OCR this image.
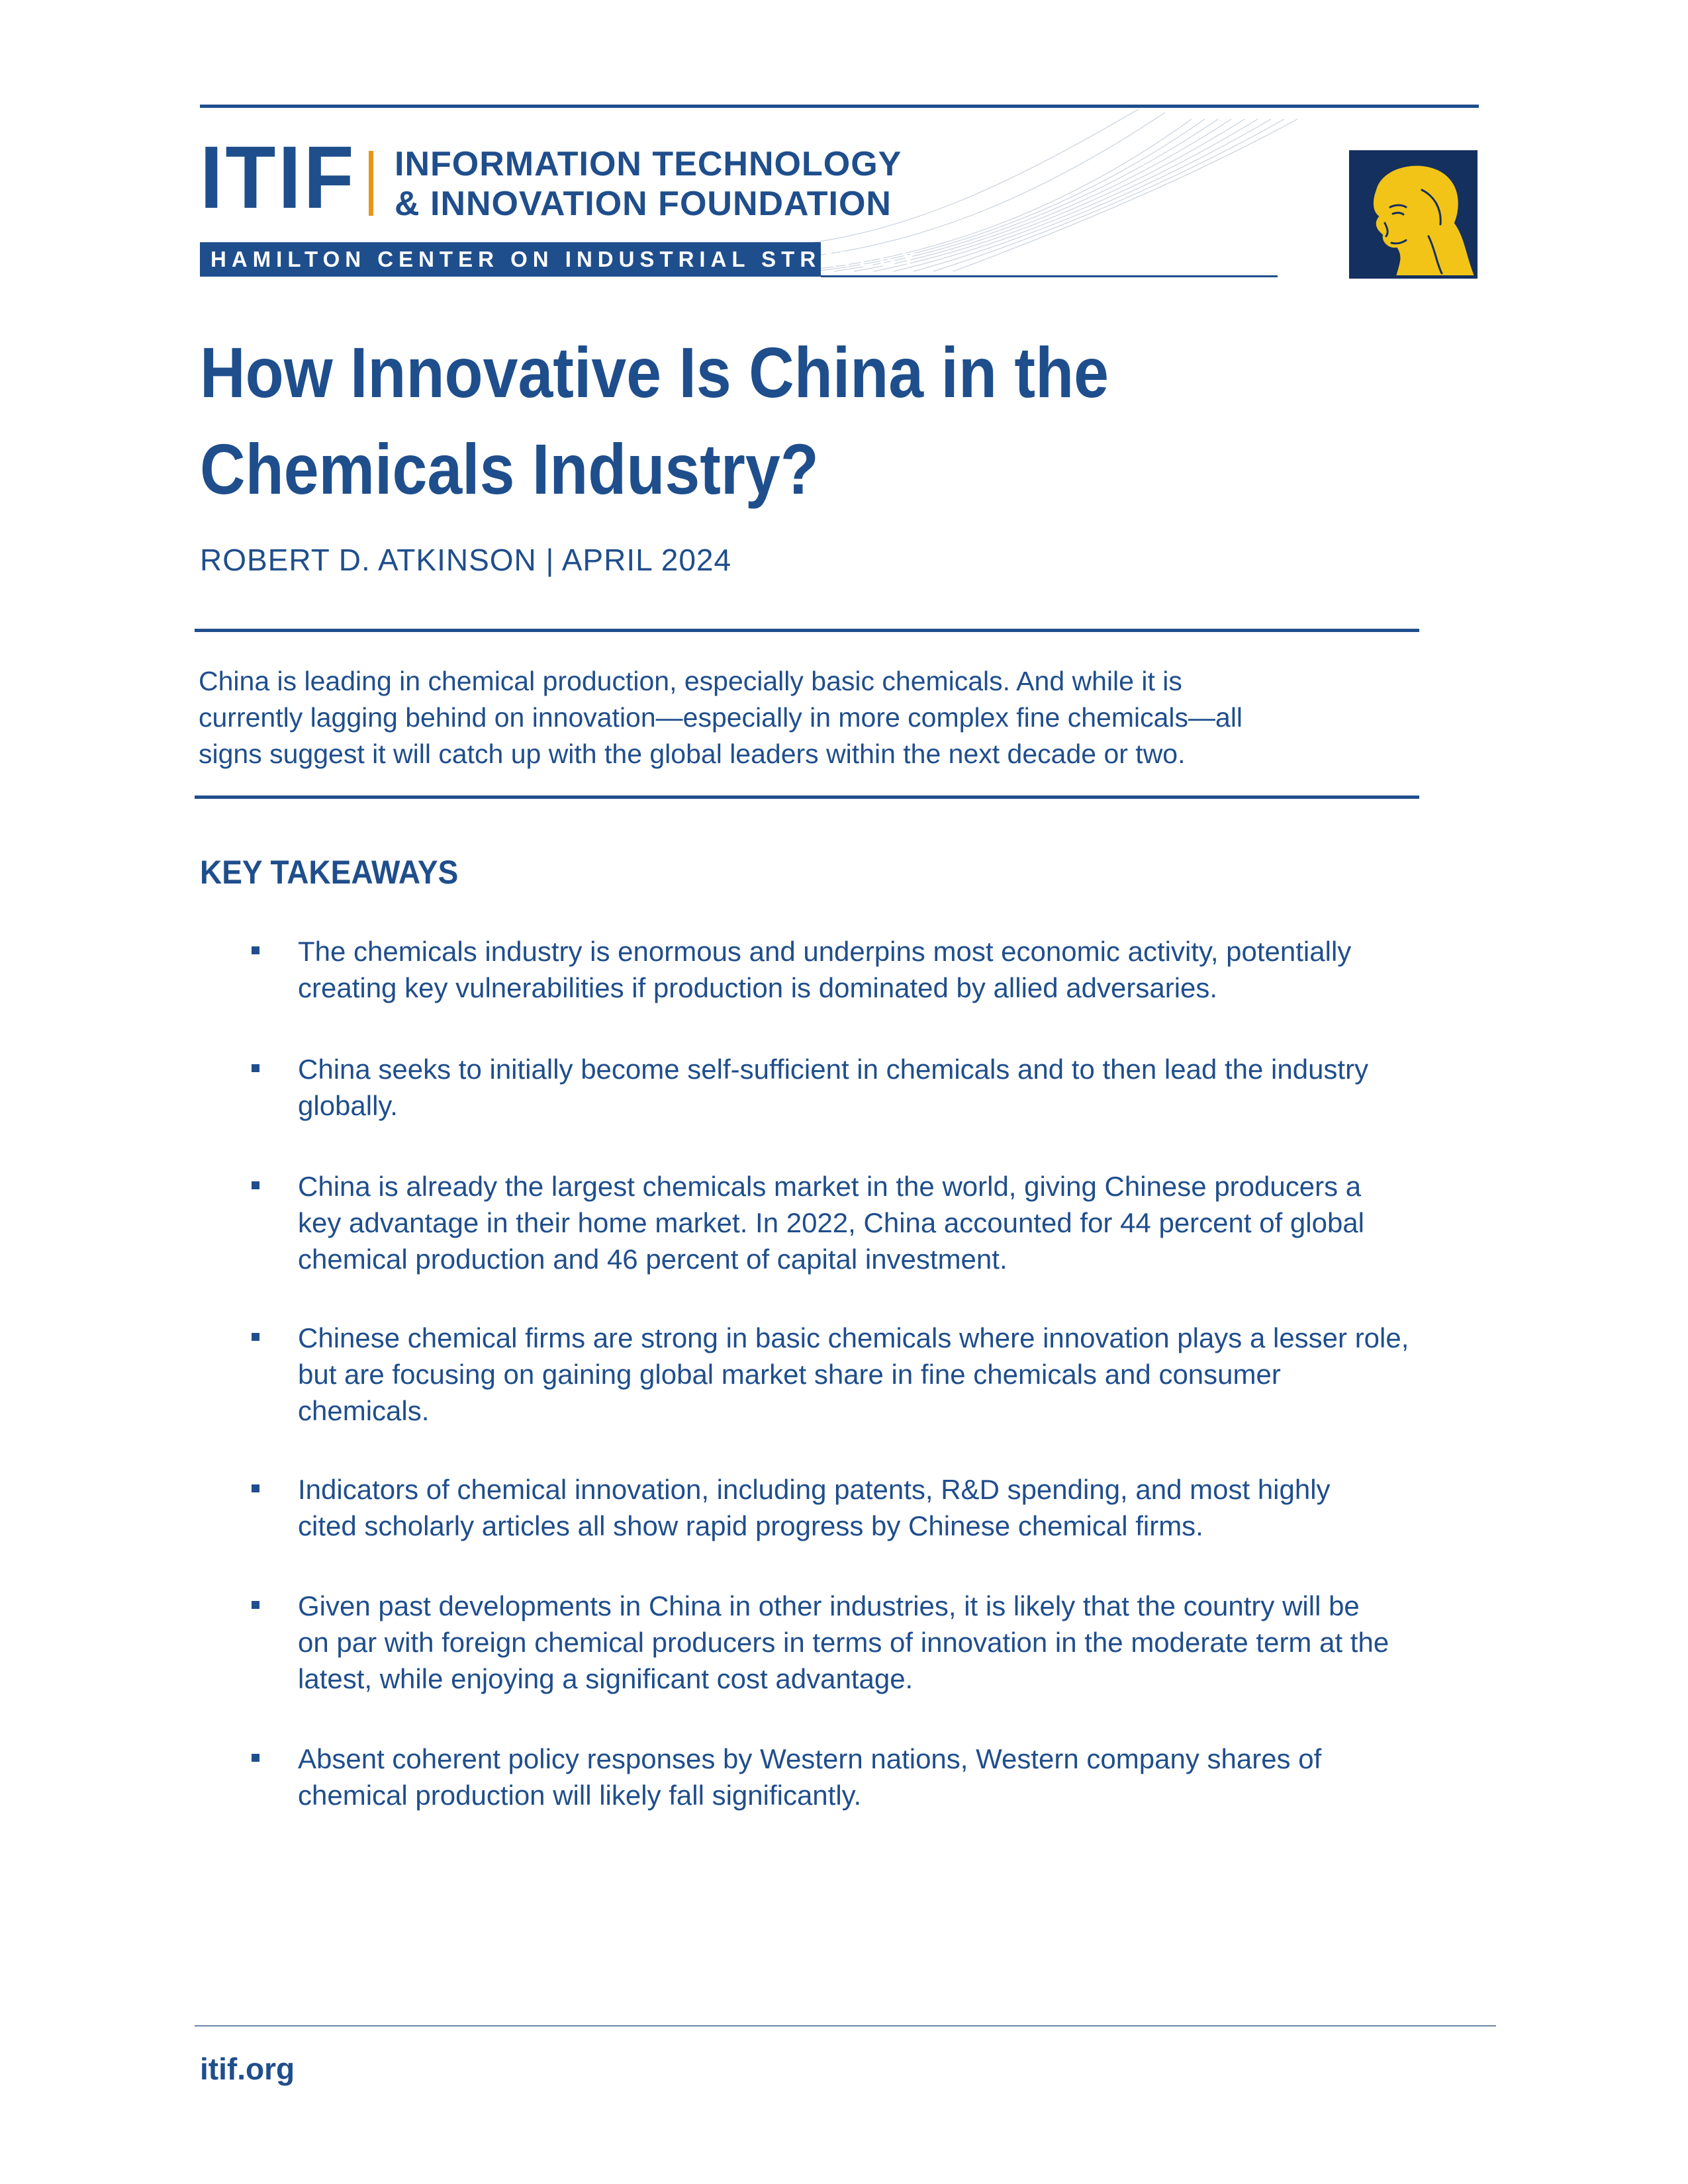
ITIF INFORMATION TECHNOLOGY
& INNOVATION FOUNDATION
HAMILTON CENTER ON INDUSTRIAL STRATEGY
How Innovative Is China in the
Chemicals Industry?
ROBERT D. ATKINSON | APRIL 2024
China is leading in chemical production, especially basic chemicals. And while it is
currently lagging behind on innovation—especially in more complex fine chemicals—all
signs suggest it will catch up with the global leaders within the next decade or two.
KEY TAKEAWAYS
The chemicals industry is enormous and underpins most economic activity, potentially
creating key vulnerabilities if production is dominated by allied adversaries.
China seeks to initially become self-sufficient in chemicals and to then lead the industry
globally.
China is already the largest chemicals market in the world, giving Chinese producers a
key advantage in their home market. In 2022, China accounted for 44 percent of global
chemical production and 46 percent of capital investment.
Chinese chemical firms are strong in basic chemicals where innovation plays a lesser role,
but are focusing on gaining global market share in fine chemicals and consumer
chemicals.
Indicators of chemical innovation, including patents, R&D spending, and most highly
cited scholarly articles all show rapid progress by Chinese chemical firms.
Given past developments in China in other industries, it is likely that the country will be
on par with foreign chemical producers in terms of innovation in the moderate term at the
latest, while enjoying a significant cost advantage.
Absent coherent policy responses by Western nations, Western company shares of
chemical production will likely fall significantly.
itif.org
